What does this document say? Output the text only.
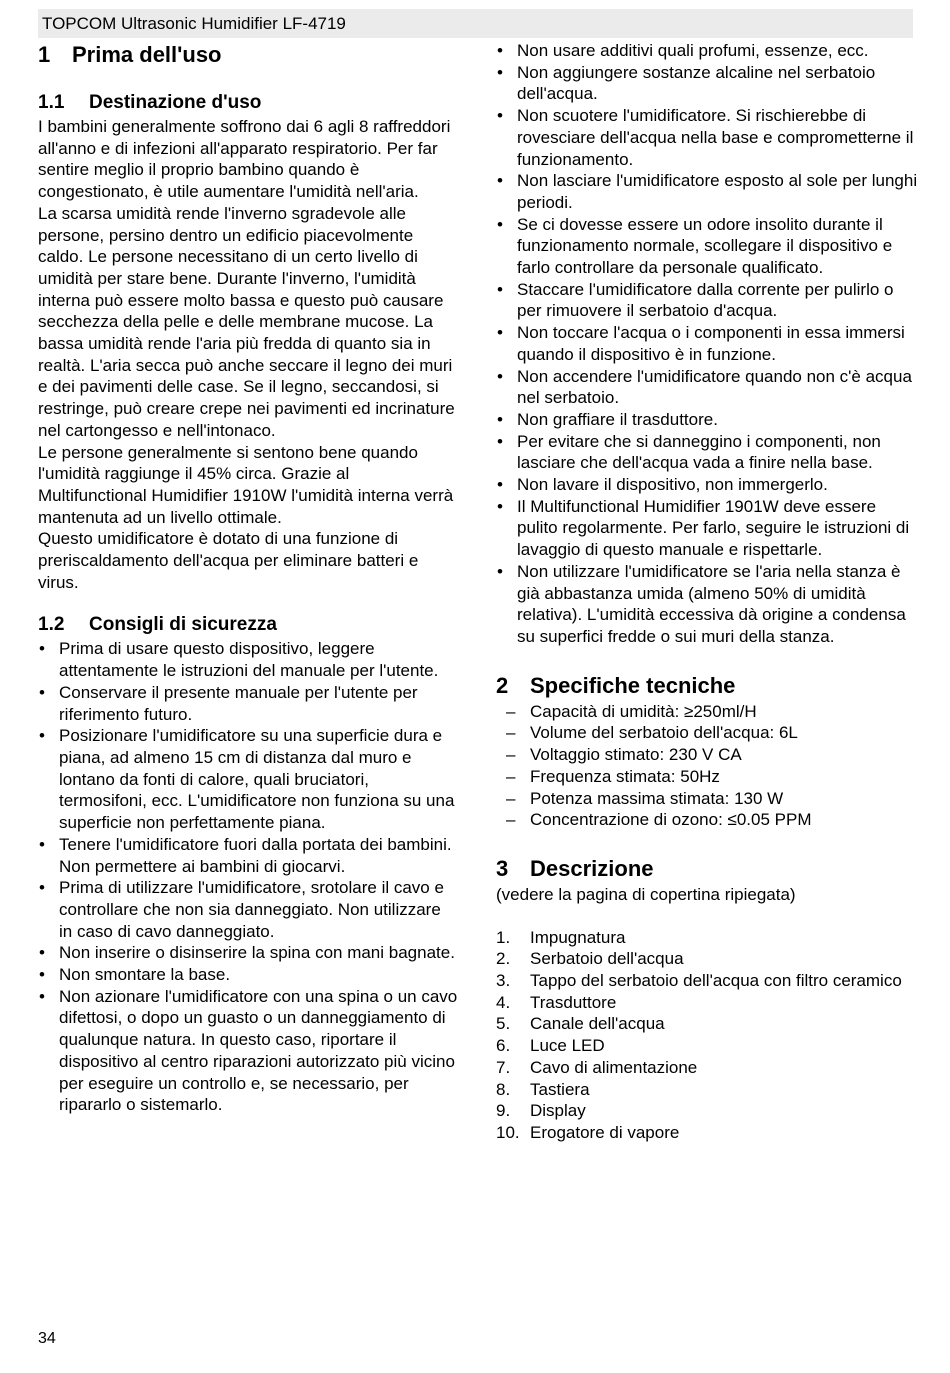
TOPCOM Ultrasonic Humidifier LF-4719
1 Prima dell'uso
1.1	Destinazione d'uso

I bambini generalmente soffrono dai 6 agli 8 raffreddori all'anno e di infezioni all'apparato respiratorio. Per far sentire meglio il proprio bambino quando è congestionato, è utile aumentare l'umidità nell'aria.

La scarsa umidità rende l'inverno sgradevole alle persone, persino dentro un edificio piacevolmente caldo. Le persone necessitano di un certo livello di umidità per stare bene. Durante l'inverno, l'umidità interna può essere molto bassa e questo può causare secchezza della pelle e delle membrane mucose. La bassa umidità rende l'aria più fredda di quanto sia in realtà. L'aria secca può anche seccare il legno dei muri e dei pavimenti delle case. Se il legno, seccandosi, si restringe, può creare crepe nei pavimenti ed incrinature nel cartongesso e nell'intonaco.

Le persone generalmente si sentono bene quando l'umidità raggiunge il 45% circa. Grazie al Multifunctional Humidifier 1910W l'umidità interna verrà mantenuta ad un livello ottimale.

Questo umidificatore è dotato di una funzione di preriscaldamento dell'acqua per eliminare batteri e virus.

1.2	Consigli di sicurezza
• Prima di usare questo dispositivo, leggere attentamente le istruzioni del manuale per l'utente.
• Conservare il presente manuale per l'utente per riferimento futuro.
• Posizionare l'umidificatore su una superficie dura e piana, ad almeno 15 cm di distanza dal muro e lontano da fonti di calore, quali bruciatori, termosifoni, ecc. L'umidificatore non funziona su una superficie non perfettamente piana.
• Tenere l'umidificatore fuori dalla portata dei bambini. Non permettere ai bambini di giocarvi.
• Prima di utilizzare l'umidificatore, srotolare il cavo e controllare che non sia danneggiato. Non utilizzare in caso di cavo danneggiato.
• Non inserire o disinserire la spina con mani bagnate.
• Non smontare la base.
• Non azionare l'umidificatore con una spina o un cavo difettosi, o dopo un guasto o un danneggiamento di qualunque natura. In questo caso, riportare il dispositivo al centro riparazioni autorizzato più vicino per eseguire un controllo e, se necessario, per ripararlo o sistemarlo.
• Non usare additivi quali profumi, essenze, ecc.
• Non aggiungere sostanze alcaline nel serbatoio dell'acqua.
• Non scuotere l'umidificatore. Si rischierebbe di rovesciare dell'acqua nella base e comprometterne il funzionamento.
• Non lasciare l'umidificatore esposto al sole per lunghi periodi.
• Se ci dovesse essere un odore insolito durante il funzionamento normale, scollegare il dispositivo e farlo controllare da personale qualificato.
• Staccare l'umidificatore dalla corrente per pulirlo o per rimuovere il serbatoio d'acqua.
• Non toccare l'acqua o i componenti in essa immersi quando il dispositivo è in funzione.
• Non accendere l'umidificatore quando non c'è acqua nel serbatoio.
• Non graffiare il trasduttore.
• Per evitare che si danneggino i componenti, non lasciare che dell'acqua vada a finire nella base.
• Non lavare il dispositivo, non immergerlo.
• Il Multifunctional Humidifier 1901W deve essere pulito regolarmente. Per farlo, seguire le istruzioni di lavaggio di questo manuale e rispettarle.
• Non utilizzare l'umidificatore se l'aria nella stanza è già abbastanza umida (almeno 50% di umidità relativa). L'umidità eccessiva dà origine a condensa su superfici fredde o sui muri della stanza.
2 Specifiche tecniche
– Capacità di umidità: ≥250ml/H
– Volume del serbatoio dell'acqua: 6L
– Voltaggio stimato: 230 V CA
– Frequenza stimata: 50Hz
– Potenza massima stimata: 130 W
– Concentrazione di ozono: ≤0.05 PPM
3 Descrizione
(vedere la pagina di copertina ripiegata)
1. Impugnatura
2. Serbatoio dell'acqua
3. Tappo del serbatoio dell'acqua con filtro ceramico
4. Trasduttore
5. Canale dell'acqua
6. Luce LED
7. Cavo di alimentazione
8. Tastiera
9. Display
10. Erogatore di vapore
34
